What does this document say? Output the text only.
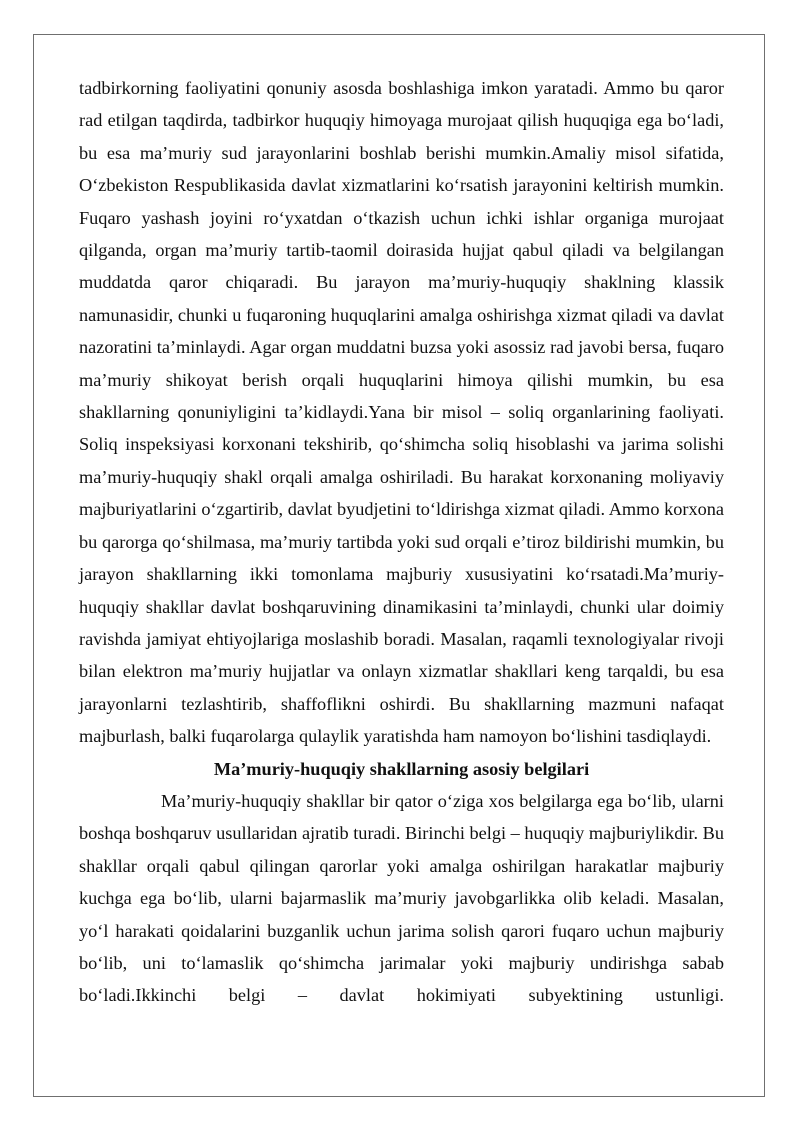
tadbirkorning faoliyatini qonuniy asosda boshlashiga imkon yaratadi. Ammo bu qaror rad etilgan taqdirda, tadbirkor huquqiy himoyaga murojaat qilish huquqiga ega boʻladi, bu esa maʼmuriy sud jarayonlarini boshlab berishi mumkin.Amaliy misol sifatida, Oʻzbekiston Respublikasida davlat xizmatlarini koʻrsatish jarayonini keltirish mumkin. Fuqaro yashash joyini roʻyxatdan oʻtkazish uchun ichki ishlar organiga murojaat qilganda, organ maʼmuriy tartib-taomil doirasida hujjat qabul qiladi va belgilangan muddatda qaror chiqaradi. Bu jarayon maʼmuriy-huquqiy shaklning klassik namunasidir, chunki u fuqaroning huquqlarini amalga oshirishga xizmat qiladi va davlat nazoratini taʼminlaydi. Agar organ muddatni buzsa yoki asossiz rad javobi bersa, fuqaro maʼmuriy shikoyat berish orqali huquqlarini himoya qilishi mumkin, bu esa shakllarning qonuniyligini taʼkidlaydi.Yana bir misol – soliq organlarining faoliyati. Soliq inspeksiyasi korxonani tekshirib, qoʻshimcha soliq hisoblashi va jarima solishi maʼmuriy-huquqiy shakl orqali amalga oshiriladi. Bu harakat korxonaning moliyaviy majburiyatlarini oʻzgartirib, davlat byudjetini toʻldirishga xizmat qiladi. Ammo korxona bu qarorga qoʻshilmasa, maʼmuriy tartibda yoki sud orqali eʼtiroz bildirishi mumkin, bu jarayon shakllarning ikki tomonlama majburiy xususiyatini koʻrsatadi.Maʼmuriy-huquqiy shakllar davlat boshqaruvining dinamikasini taʼminlaydi, chunki ular doimiy ravishda jamiyat ehtiyojlariga moslashib boradi. Masalan, raqamli texnologiyalar rivoji bilan elektron maʼmuriy hujjatlar va onlayn xizmatlar shakllari keng tarqaldi, bu esa jarayonlarni tezlashtirib, shaffoflikni oshirdi. Bu shakllarning mazmuni nafaqat majburlash, balki fuqarolarga qulaylik yaratishda ham namoyon boʻlishini tasdiqlaydi.

Maʼmuriy-huquqiy shakllarning asosiy belgilari

Maʼmuriy-huquqiy shakllar bir qator oʻziga xos belgilarga ega boʻlib, ularni boshqa boshqaruv usullaridan ajratib turadi. Birinchi belgi – huquqiy majburiylikdir. Bu shakllar orqali qabul qilingan qarorlar yoki amalga oshirilgan harakatlar majburiy kuchga ega boʻlib, ularni bajarmaslik maʼmuriy javobgarlikka olib keladi. Masalan, yoʻl harakati qoidalarini buzganlik uchun jarima solish qarori fuqaro uchun majburiy boʻlib, uni toʻlamaslik qoʻshimcha jarimalar yoki majburiy undirishga sabab boʻladi.Ikkinchi belgi – davlat hokimiyati subyektining ustunligi.
